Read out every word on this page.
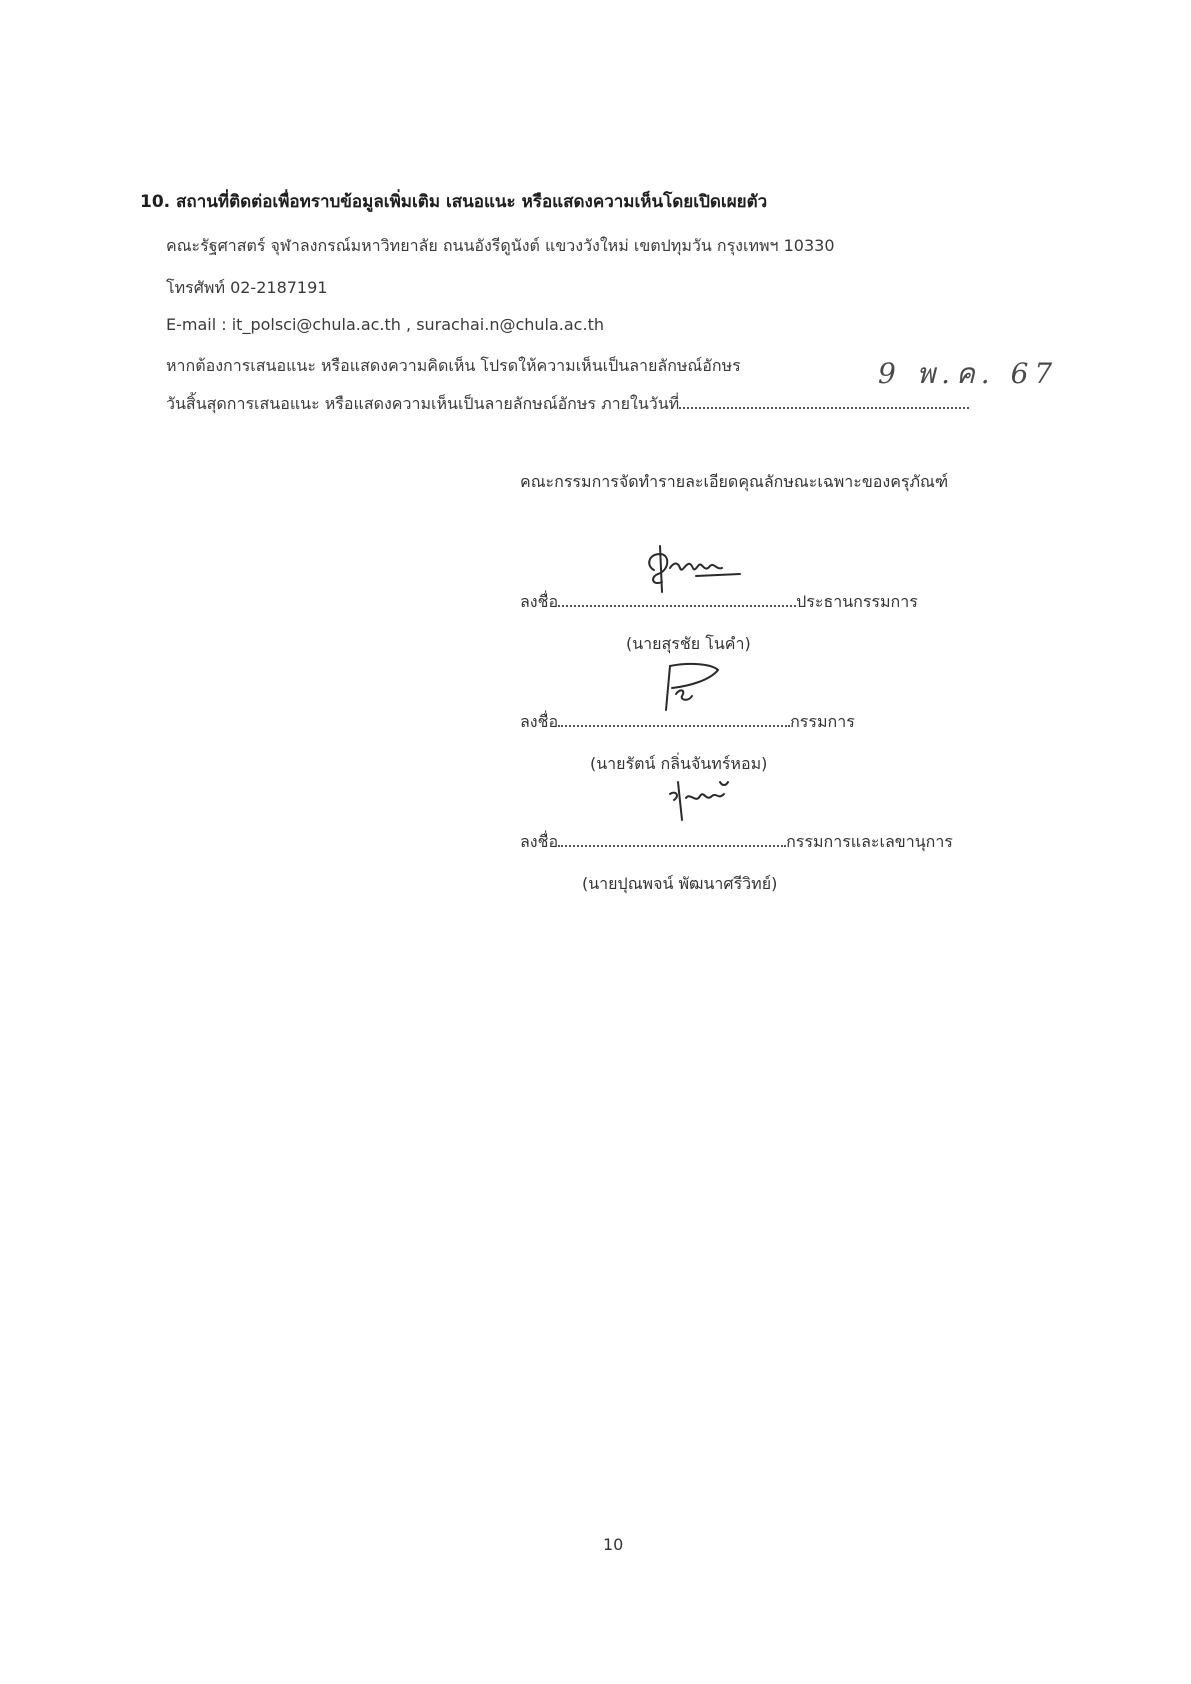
10. สถานที่ติดต่อเพื่อทราบข้อมูลเพิ่มเติม เสนอแนะ หรือแสดงความเห็นโดยเปิดเผยตัว
คณะรัฐศาสตร์ จุฬาลงกรณ์มหาวิทยาลัย ถนนอังรีดูนังต์ แขวงวังใหม่ เขตปทุมวัน กรุงเทพฯ 10330
โทรศัพท์ 02-2187191
E-mail : it_polsci@chula.ac.th , surachai.n@chula.ac.th
หากต้องการเสนอแนะ หรือแสดงความคิดเห็น โปรดให้ความเห็นเป็นลายลักษณ์อักษร	9 พ.ค. 67
วันสิ้นสุดการเสนอแนะ หรือแสดงความเห็นเป็นลายลักษณ์อักษร ภายในวันที่
คณะกรรมการจัดทำรายละเอียดคุณลักษณะเฉพาะของครุภัณฑ์
ลงชื่อ	ประธานกรรมการ
(นายสุรชัย โนคำ)
ลงชื่อ	กรรมการ
(นายรัตน์ กลิ่นจันทร์หอม)
ลงชื่อ	กรรมการและเลขานุการ
(นายปุณพจน์ พัฒนาศรีวิทย์)
10
